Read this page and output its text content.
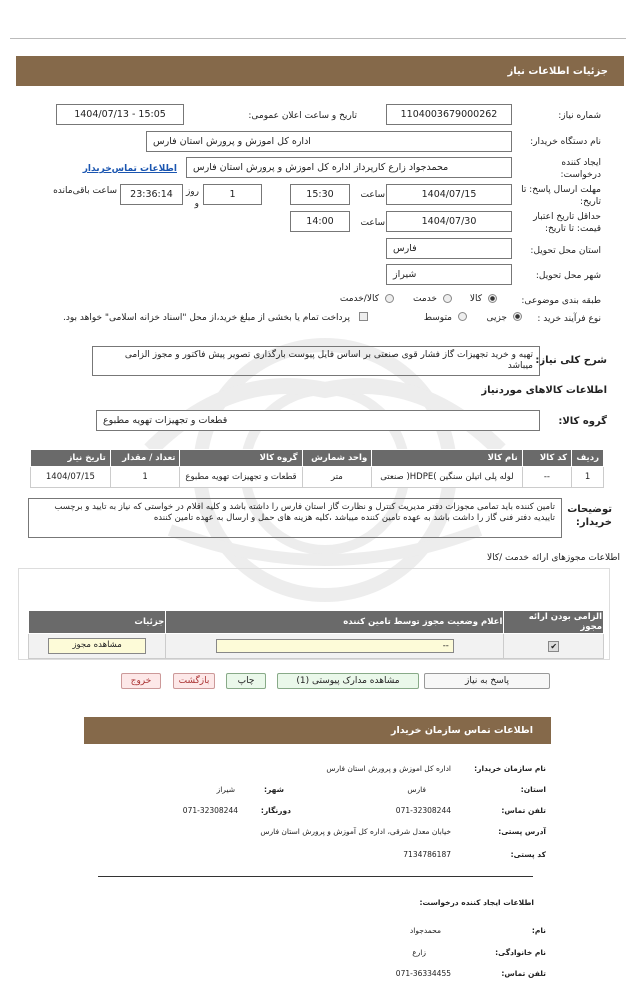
جزئیات اطلاعات نیاز
شماره نیاز:
1104003679000262
تاریخ و ساعت اعلان عمومی:
1404/07/13 - 15:05
نام دستگاه خریدار:
اداره کل اموزش و پرورش استان فارس
ایجاد کننده درخواست:
محمدجواد زارع کارپرداز اداره کل اموزش و پرورش استان فارس
اطلاعات تماس‌خریدار
مهلت ارسال پاسخ: تا تاریخ:
1404/07/15
ساعت
15:30
1
روز و
23:36:14
ساعت باقی‌مانده
حداقل تاریخ اعتبار قیمت: تا تاریخ:
1404/07/30
ساعت
14:00
استان محل تحویل:
فارس
شهر محل تحویل:
شیراز
طبقه بندی موضوعی:
کالا
خدمت
کالا/خدمت
نوع فرآیند خرید :
جزیی
متوسط
پرداخت تمام یا بخشی از مبلغ خرید،از محل "اسناد خزانه اسلامی" خواهد بود.
شرح کلی نیاز:
تهیه و خرید تجهیزات گاز فشار قوی صنعتی بر اساس فایل پیوست بارگذاری تصویر پیش فاکتور و مجوز الزامی میباشد
اطلاعات کالاهای موردنیاز
گروه کالا:
قطعات و تجهیزات تهویه مطبوع
ردیف	کد کالا	نام کالا	واحد شمارش	گروه کالا	تعداد / مقدار	تاریخ نیاز
1	--	لوله پلی اتیلن سنگین )HDPE( صنعتی	متر	قطعات و تجهیزات تهویه مطبوع	1	1404/07/15
توضیحات خریدار:
تامین کننده باید تمامی مجوزات دفتر مدیریت کنترل و نظارت گاز استان فارس را داشته باشد و کلیه اقلام در خواستی که نیاز به تایید و برچسب تاییدیه دفتر فنی گاز را داشت باشد به عهده تامین کننده میباشد ،کلیه هزینه های حمل و ارسال به عهده تامین کننده
اطلاعات مجوزهای ارائه خدمت /کالا
الزامی بودن ارائه مجوز	اعلام وضعیت مجوز توسط تامین کننده	جزئیات
✔	--	مشاهده مجوز
پاسخ به نیاز
مشاهده مدارک پیوستی (1)
چاپ
بازگشت
خروج
اطلاعات تماس سازمان خریدار
نام سازمان خریدار:
اداره کل اموزش و پرورش استان فارس
استان:
فارس
شهر:
شیراز
تلفن تماس:
071-32308244
دورنگار:
071-32308244
آدرس پستی:
خیابان معدل شرقی، اداره کل آموزش و پرورش استان فارس
کد پستی:
7134786187
اطلاعات ایجاد کننده درخواست:
نام:
محمدجواد
نام خانوادگی:
زارع
تلفن تماس:
071-36334455
